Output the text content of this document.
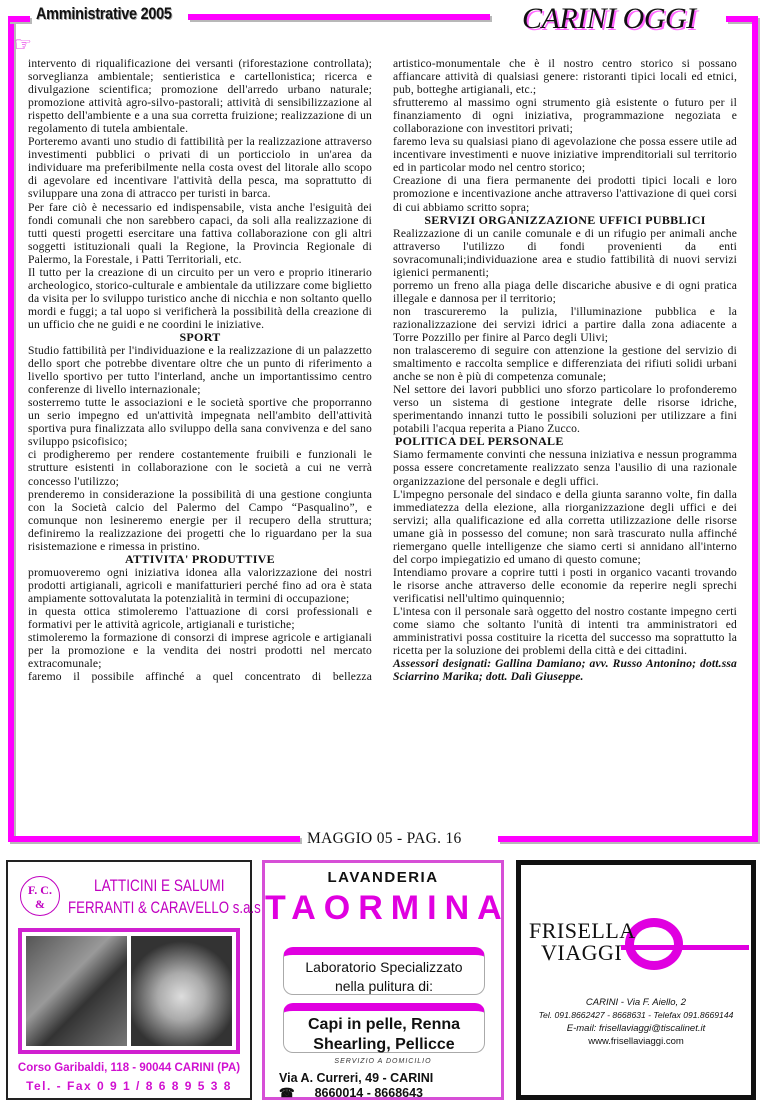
Amministrative 2005	CARINI OGGI
☞

intervento di riqualificazione dei versanti (riforestazione controllata); sorveglianza ambientale; sentieristica e cartellonistica; ricerca e divulgazione scientifica; promozione dell'arredo urbano naturale; promozione attività agro-silvo-pastorali; attività di sensibilizzazione al rispetto dell'ambiente e a una sua corretta fruizione; realizzazione di un regolamento di tutela ambientale.

Porteremo avanti uno studio di fattibilità per la realizzazione attraverso investimenti pubblici o privati di un porticciolo in un'area da individuare ma preferibilmente nella costa ovest del litorale allo scopo di agevolare ed incentivare l'attività della pesca, ma soprattutto di sviluppare una zona di attracco per turisti in barca.

Per fare ciò è necessario ed indispensabile, vista anche l'esiguità dei fondi comunali che non sarebbero capaci, da soli alla realizzazione di tutti questi progetti esercitare una fattiva collaborazione con gli altri soggetti istituzionali quali la Regione, la Provincia Regionale di Palermo, la Forestale, i Patti Territoriali, etc.

Il tutto per la creazione di un circuito per un vero e proprio itinerario archeologico, storico-culturale e ambientale da utilizzare come biglietto da visita per lo sviluppo turistico anche di nicchia e non soltanto quello mordi e fuggi; a tal uopo si verificherà la possibilità della creazione di un ufficio che ne guidi e ne coordini le iniziative.

SPORT

Studio fattibilità per l'individuazione e la realizzazione di un palazzetto dello sport che potrebbe diventare oltre che un punto di riferimento a livello sportivo per tutto l'interland, anche un importantissimo centro conferenze di livello internazionale;

sosterremo tutte le associazioni e le società sportive che proporranno un serio impegno ed un'attività impegnata nell'ambito dell'attività sportiva pura finalizzata allo sviluppo della sana convivenza e del sano sviluppo psicofisico;

ci prodigheremo per rendere costantemente fruibili e funzionali le strutture esistenti in collaborazione con le società a cui ne verrà concesso l'utilizzo;

prenderemo in considerazione la possibilità di una gestione congiunta con la Società calcio del Palermo del Campo “Pasqualino”, e comunque non lesineremo energie per il recupero della struttura; definiremo la realizzazione dei progetti che lo riguardano per la sua risistemazione e rimessa in pristino.

ATTIVITA' PRODUTTIVE

promuoveremo ogni iniziativa idonea alla valorizzazione dei nostri prodotti artigianali, agricoli e manifatturieri perché fino ad ora è stata ampiamente sottovalutata la potenzialità in termini di occupazione;

in questa ottica stimoleremo l'attuazione di corsi professionali e formativi per le attività agricole, artigianali e turistiche;

stimoleremo la formazione di consorzi di imprese agricole e artigianali per la promozione e la vendita dei nostri prodotti nel mercato extracomunale;

faremo il possibile affinché a quel concentrato di bellezza

artistico-monumentale che è il nostro centro storico si possano affiancare attività di qualsiasi genere: ristoranti tipici locali ed etnici, pub, botteghe artigianali, etc.;

sfrutteremo al massimo ogni strumento già esistente o futuro per il finanziamento di ogni iniziativa, programmazione negoziata e collaborazione con investitori privati;

faremo leva su qualsiasi piano di agevolazione che possa essere utile ad incentivare investimenti e nuove iniziative imprenditoriali sul territorio ed in particolar modo nel centro storico;

Creazione di una fiera permanente dei prodotti tipici locali e loro promozione e incentivazione anche attraverso l'attivazione di quei corsi di cui abbiamo scritto sopra;

SERVIZI ORGANIZZAZIONE UFFICI PUBBLICI

Realizzazione di un canile comunale e di un rifugio per animali anche attraverso l'utilizzo di fondi provenienti da enti sovracomunali;individuazione area e studio fattibilità di nuovi servizi igienici permanenti;

porremo un freno alla piaga delle discariche abusive e di ogni pratica illegale e dannosa per il territorio;

non trascureremo la pulizia, l'illuminazione pubblica e la razionalizzazione dei servizi idrici a partire dalla zona adiacente a Torre Pozzillo per finire al Parco degli Ulivi;

non tralasceremo di seguire con attenzione la gestione del servizio di smaltimento e raccolta semplice e differenziata dei rifiuti solidi urbani anche se non è più di competenza comunale;

Nel settore dei lavori pubblici uno sforzo particolare lo profonderemo verso un sistema di gestione integrate delle risorse idriche, sperimentando innanzi tutto le possibili soluzioni per utilizzare a fini potabili l'acqua reperita a Piano Zucco.

POLITICA DEL PERSONALE

Siamo fermamente convinti che nessuna iniziativa e nessun programma possa essere concretamente realizzato senza l'ausilio di una razionale organizzazione del personale e degli uffici.

L'impegno personale del sindaco e della giunta saranno volte, fin dalla immediatezza della elezione, alla riorganizzazione degli uffici e dei servizi; alla qualificazione ed alla corretta utilizzazione delle risorse umane già in possesso del comune; non sarà trascurato nulla affinché riemergano quelle intelligenze che siamo certi si annidano all'interno del corpo impiegatizio ed umano di questo comune;

Intendiamo provare a coprire tutti i posti in organico vacanti trovando le risorse anche attraverso delle economie da reperire negli sprechi verificatisi nell'ultimo quinquennio;

L'intesa con il personale sarà oggetto del nostro costante impegno certi come siamo che soltanto l'unità di intenti tra amministratori ed amministrativi possa costituire la ricetta del successo ma soprattutto la ricetta per la soluzione dei problemi della città e dei cittadini.

Assessori designati: Gallina Damiano; avv. Russo Antonino; dott.ssa Sciarrino Marika; dott. Dalì Giuseppe.

MAGGIO 05 - PAG. 16
F. C.
&
LATTICINI E SALUMI
FERRANTI & CARAVELLO s.a.s
Corso Garibaldi, 118 - 90044 CARINI (PA)
Tel. - Fax 0 9 1 / 8 6 8 9 5 3 8
LAVANDERIA
TAORMINA
Laboratorio Specializzato
nella pulitura di:
Capi in pelle, Renna
Shearling, Pellicce
SERVIZIO A DOMICILIO
Via A. Curreri, 49 - CARINI
☎ 8660014 - 8668643
FRISELLA
VIAGGI
CARINI - Via F. Aiello, 2
Tel. 091.8662427 - 8668631 - Telefax 091.8669144
E-mail: frisellaviaggi@tiscalinet.it
www.frisellaviaggi.com
